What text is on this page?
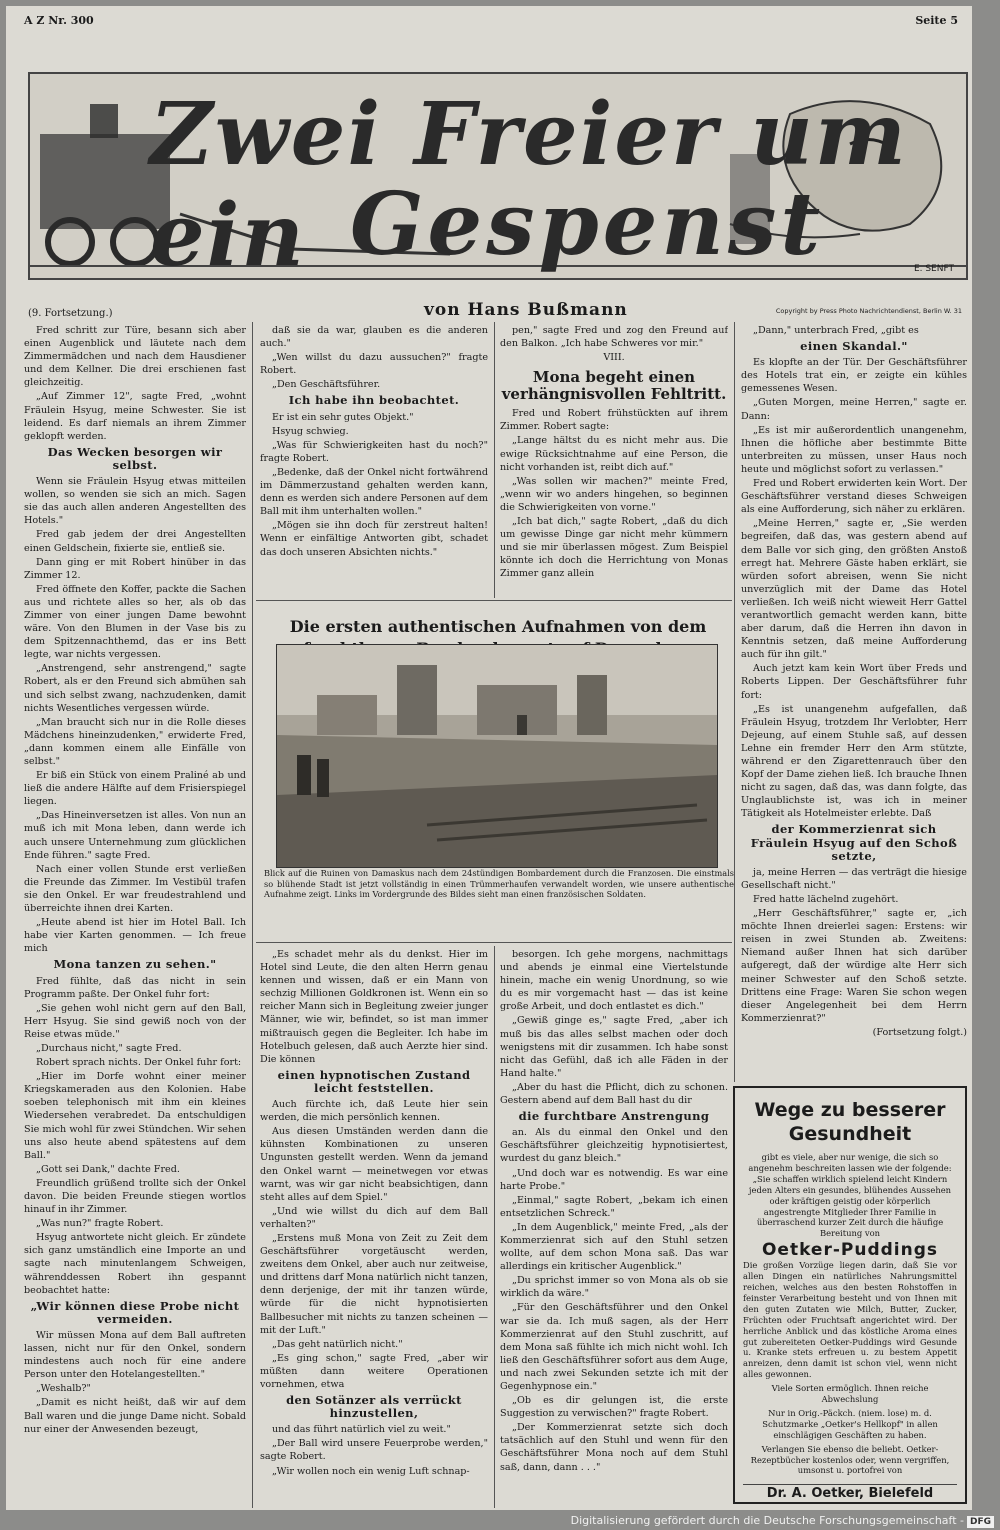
A Z Nr. 300	Seite 5
Zwei Freier um ein Gespenst	E. SENFT
(9. Fortsetzung.)	von Hans Bußmann	Copyright by Press Photo Nachrichtendienst, Berlin W. 31

Fred schritt zur Türe, besann sich aber einen Augenblick und läutete nach dem Zimmermädchen und nach dem Hausdiener und dem Kellner. Die drei erschienen fast gleichzeitig.

„Auf Zimmer 12", sagte Fred, „wohnt Fräulein Hsyug, meine Schwester. Sie ist leidend. Es darf niemals an ihrem Zimmer geklopft werden.

Das Wecken besorgen wir selbst.

Wenn sie Fräulein Hsyug etwas mitteilen wollen, so wenden sie sich an mich. Sagen sie das auch allen anderen Angestellten des Hotels."

Fred gab jedem der drei Angestellten einen Geldschein, fixierte sie, entließ sie.

Dann ging er mit Robert hinüber in das Zimmer 12.

Fred öffnete den Koffer, packte die Sachen aus und richtete alles so her, als ob das Zimmer von einer jungen Dame bewohnt wäre. Von den Blumen in der Vase bis zu dem Spitzennachthemd, das er ins Bett legte, war nichts vergessen.

„Anstrengend, sehr anstrengend," sagte Robert, als er den Freund sich abmühen sah und sich selbst zwang, nachzudenken, damit nichts Wesentliches vergessen würde.

„Man braucht sich nur in die Rolle dieses Mädchens hineinzudenken," erwiderte Fred, „dann kommen einem alle Einfälle von selbst."

Er biß ein Stück von einem Praliné ab und ließ die andere Hälfte auf dem Frisierspiegel liegen.

„Das Hineinversetzen ist alles. Von nun an muß ich mit Mona leben, dann werde ich auch unsere Unternehmung zum glücklichen Ende führen." sagte Fred.

Nach einer vollen Stunde erst verließen die Freunde das Zimmer. Im Vestibül trafen sie den Onkel. Er war freudestrahlend und überreichte ihnen drei Karten.

„Heute abend ist hier im Hotel Ball. Ich habe vier Karten genommen. — Ich freue mich

Mona tanzen zu sehen."

Fred fühlte, daß das nicht in sein Programm paßte. Der Onkel fuhr fort:

„Sie gehen wohl nicht gern auf den Ball, Herr Hsyug. Sie sind gewiß noch von der Reise etwas müde."

„Durchaus nicht," sagte Fred.

Robert sprach nichts. Der Onkel fuhr fort:

„Hier im Dorfe wohnt einer meiner Kriegskameraden aus den Kolonien. Habe soeben telephonisch mit ihm ein kleines Wiedersehen verabredet. Da entschuldigen Sie mich wohl für zwei Stündchen. Wir sehen uns also heute abend spätestens auf dem Ball."

„Gott sei Dank," dachte Fred.

Freundlich grüßend trollte sich der Onkel davon. Die beiden Freunde stiegen wortlos hinauf in ihr Zimmer.

„Was nun?" fragte Robert.

Hsyug antwortete nicht gleich. Er zündete sich ganz umständlich eine Importe an und sagte nach minutenlangem Schweigen, währenddessen Robert ihn gespannt beobachtet hatte:

„Wir können diese Probe nicht vermeiden.

Wir müssen Mona auf dem Ball auftreten lassen, nicht nur für den Onkel, sondern mindestens auch noch für eine andere Person unter den Hotelangestellten."

„Weshalb?"

„Damit es nicht heißt, daß wir auf dem Ball waren und die junge Dame nicht. Sobald nur einer der Anwesenden bezeugt,

daß sie da war, glauben es die anderen auch."

„Wen willst du dazu aussuchen?" fragte Robert.

„Den Geschäftsführer.

Ich habe ihn beobachtet.

Er ist ein sehr gutes Objekt."

Hsyug schwieg.

„Was für Schwierigkeiten hast du noch?" fragte Robert.

„Bedenke, daß der Onkel nicht fortwährend im Dämmerzustand gehalten werden kann, denn es werden sich andere Personen auf dem Ball mit ihm unterhalten wollen."

„Mögen sie ihn doch für zerstreut halten! Wenn er einfältige Antworten gibt, schadet das doch unseren Absichten nichts."

pen," sagte Fred und zog den Freund auf den Balkon. „Ich habe Schweres vor mir."

VIII.

Mona begeht einen verhängnisvollen Fehltritt.

Fred und Robert frühstückten auf ihrem Zimmer. Robert sagte:

„Lange hältst du es nicht mehr aus. Die ewige Rücksichtnahme auf eine Person, die nicht vorhanden ist, reibt dich auf."

„Was sollen wir machen?" meinte Fred, „wenn wir wo anders hingehen, so beginnen die Schwierigkeiten von vorne."

„Ich bat dich," sagte Robert, „daß du dich um gewisse Dinge gar nicht mehr kümmern und sie mir überlassen mögest. Zum Beispiel könnte ich doch die Herrichtung von Monas Zimmer ganz allein

„Dann," unterbrach Fred, „gibt es

einen Skandal."

Es klopfte an der Tür. Der Geschäftsführer des Hotels trat ein, er zeigte ein kühles gemessenes Wesen.

„Guten Morgen, meine Herren," sagte er. Dann:

„Es ist mir außerordentlich unangenehm, Ihnen die höfliche aber bestimmte Bitte unterbreiten zu müssen, unser Haus noch heute und möglichst sofort zu verlassen."

Fred und Robert erwiderten kein Wort. Der Geschäftsführer verstand dieses Schweigen als eine Aufforderung, sich näher zu erklären.

„Meine Herren," sagte er, „Sie werden begreifen, daß das, was gestern abend auf dem Balle vor sich ging, den größten Anstoß erregt hat. Mehrere Gäste haben erklärt, sie würden sofort abreisen, wenn Sie nicht unverzüglich mit der Dame das Hotel verließen. Ich weiß nicht wieweit Herr Gattel verantwortlich gemacht werden kann, bitte aber darum, daß die Herren ihn davon in Kenntnis setzen, daß meine Aufforderung auch für ihn gilt."

Auch jetzt kam kein Wort über Freds und Roberts Lippen. Der Geschäftsführer fuhr fort:

„Es ist unangenehm aufgefallen, daß Fräulein Hsyug, trotzdem Ihr Verlobter, Herr Dejeung, auf einem Stuhle saß, auf dessen Lehne ein fremder Herr den Arm stützte, während er den Zigarettenrauch über den Kopf der Dame ziehen ließ. Ich brauche Ihnen nicht zu sagen, daß das, was dann folgte, das Unglaublichste ist, was ich in meiner Tätigkeit als Hotelmeister erlebte. Daß

der Kommerzienrat sich Fräulein Hsyug auf den Schoß setzte,

ja, meine Herren — das verträgt die hiesige Gesellschaft nicht."

Fred hatte lächelnd zugehört.

„Herr Geschäftsführer," sagte er, „ich möchte Ihnen dreierlei sagen: Erstens: wir reisen in zwei Stunden ab. Zweitens: Niemand außer Ihnen hat sich darüber aufgeregt, daß der würdige alte Herr sich meiner Schwester auf den Schoß setzte. Drittens eine Frage: Waren Sie schon wegen dieser Angelegenheit bei dem Herrn Kommerzienrat?"

(Fortsetzung folgt.)

Die ersten authentischen Aufnahmen von dem
Blick auf die Ruinen von Damaskus nach dem 24stündigen Bombardement durch die Franzosen. Die einstmals so blühende Stadt ist jetzt vollständig in einen Trümmerhaufen verwandelt worden, wie unsere authentische Aufnahme zeigt. Links im Vordergrunde des Bildes sieht man einen französischen Soldaten.

„Es schadet mehr als du denkst. Hier im Hotel sind Leute, die den alten Herrn genau kennen und wissen, daß er ein Mann von sechzig Millionen Goldkronen ist. Wenn ein so reicher Mann sich in Begleitung zweier junger Männer, wie wir, befindet, so ist man immer mißtrauisch gegen die Begleiter. Ich habe im Hotelbuch gelesen, daß auch Aerzte hier sind. Die können

einen hypnotischen Zustand leicht feststellen.

Auch fürchte ich, daß Leute hier sein werden, die mich persönlich kennen.

Aus diesen Umständen werden dann die kühnsten Kombinationen zu unseren Ungunsten gestellt werden. Wenn da jemand den Onkel warnt — meinetwegen vor etwas warnt, was wir gar nicht beabsichtigen, dann steht alles auf dem Spiel."

„Und wie willst du dich auf dem Ball verhalten?"

„Erstens muß Mona von Zeit zu Zeit dem Geschäftsführer vorgetäuscht werden, zweitens dem Onkel, aber auch nur zeitweise, und drittens darf Mona natürlich nicht tanzen, denn derjenige, der mit ihr tanzen würde, würde für die nicht hypnotisierten Ballbesucher mit nichts zu tanzen scheinen — mit der Luft."

„Das geht natürlich nicht."

„Es ging schon," sagte Fred, „aber wir müßten dann weitere Operationen vornehmen, etwa

den Sotänzer als verrückt hinzustellen,

und das führt natürlich viel zu weit."

„Der Ball wird unsere Feuerprobe werden," sagte Robert.

„Wir wollen noch ein wenig Luft schnap-

besorgen. Ich gehe morgens, nachmittags und abends je einmal eine Viertelstunde hinein, mache ein wenig Unordnung, so wie du es mir vorgemacht hast — das ist keine große Arbeit, und doch entlastet es dich."

„Gewiß ginge es," sagte Fred, „aber ich muß bis das alles selbst machen oder doch wenigstens mit dir zusammen. Ich habe sonst nicht das Gefühl, daß ich alle Fäden in der Hand halte."

„Aber du hast die Pflicht, dich zu schonen. Gestern abend auf dem Ball hast du dir

die furchtbare Anstrengung

an. Als du einmal den Onkel und den Geschäftsführer gleichzeitig hypnotisiertest, wurdest du ganz bleich."

„Und doch war es notwendig. Es war eine harte Probe."

„Einmal," sagte Robert, „bekam ich einen entsetzlichen Schreck."

„In dem Augenblick," meinte Fred, „als der Kommerzienrat sich auf den Stuhl setzen wollte, auf dem schon Mona saß. Das war allerdings ein kritischer Augenblick."

„Du sprichst immer so von Mona als ob sie wirklich da wäre."

„Für den Geschäftsführer und den Onkel war sie da. Ich muß sagen, als der Herr Kommerzienrat auf den Stuhl zuschritt, auf dem Mona saß fühlte ich mich nicht wohl. Ich ließ den Geschäftsführer sofort aus dem Auge, und nach zwei Sekunden setzte ich mit der Gegenhypnose ein."

„Ob es dir gelungen ist, die erste Suggestion zu verwischen?" fragte Robert.

„Der Kommerzienrat setzte sich doch tatsächlich auf den Stuhl und wenn für den Geschäftsführer Mona noch auf dem Stuhl saß, dann, dann . . ."

Wege zu besserer Gesundheit

gibt es viele, aber nur wenige, die sich so angenehm beschreiten lassen wie der folgende: „Sie schaffen wirklich spielend leicht Kindern jeden Alters ein gesundes, blühendes Aussehen oder kräftigen geistig oder körperlich angestrengte Mitglieder Ihrer Familie in überraschend kurzer Zeit durch die häufige Bereitung von

Oetker-Puddings

Die großen Vorzüge liegen darin, daß Sie vor allen Dingen ein natürliches Nahrungsmittel reichen, welches aus den besten Rohstoffen in feinster Verarbeitung besteht und von Ihnen mit den guten Zutaten wie Milch, Butter, Zucker, Früchten oder Fruchtsaft angerichtet wird. Der herrliche Anblick und das köstliche Aroma eines gut zubereiteten Oetker-Puddings wird Gesunde u. Kranke stets erfreuen u. zu bestem Appetit anreizen, denn damit ist schon viel, wenn nicht alles gewonnen.

Viele Sorten ermöglich. Ihnen reiche Abwechslung

Nur in Orig.-Päckch. (niem. lose) m. d. Schutzmarke „Oetker's Hellkopf" in allen einschlägigen Geschäften zu haben.

Verlangen Sie ebenso die beliebt. Oetker-Rezeptbücher kostenlos oder, wenn vergriffen, umsonst u. portofrei von

Dr. A. Oetker, Bielefeld
Digitalisierung gefördert durch die Deutsche Forschungsgemeinschaft - DFG
